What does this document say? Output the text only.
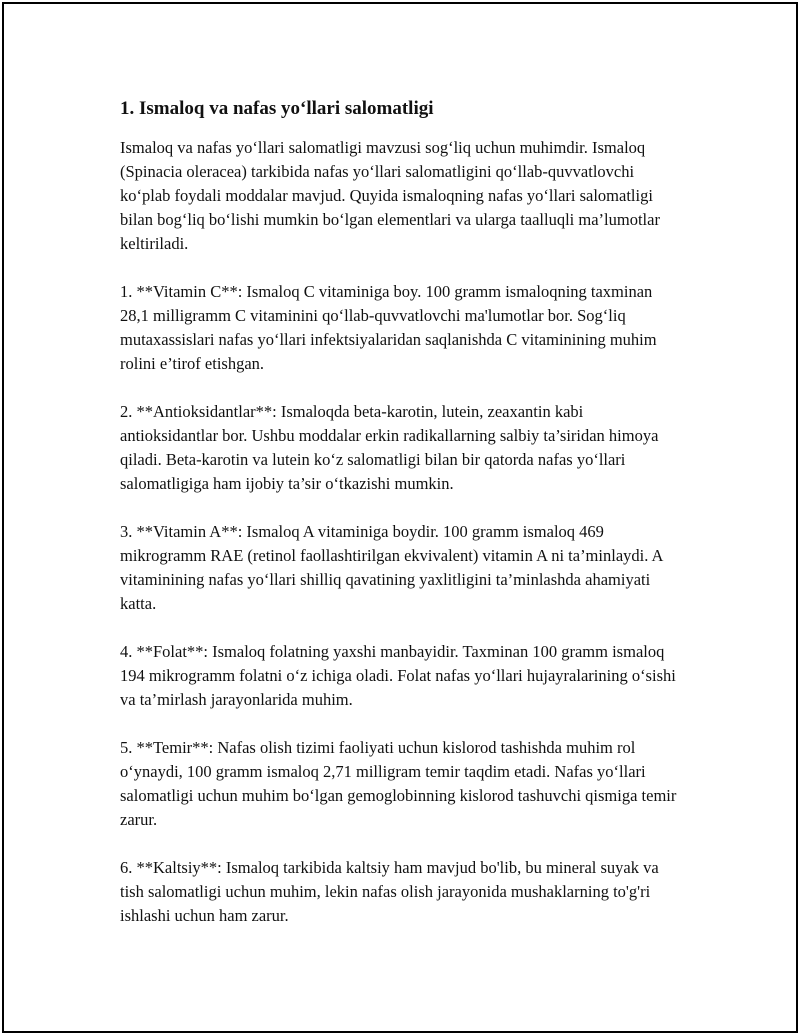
1. Ismaloq va nafas yo‘llari salomatligi

Ismaloq va nafas yo‘llari salomatligi mavzusi sog‘liq uchun muhimdir. Ismaloq (Spinacia oleracea) tarkibida nafas yo‘llari salomatligini qo‘llab-quvvatlovchi ko‘plab foydali moddalar mavjud. Quyida ismaloqning nafas yo‘llari salomatligi bilan bog‘liq bo‘lishi mumkin bo‘lgan elementlari va ularga taalluqli ma’lumotlar keltiriladi.

1. **Vitamin C**: Ismaloq C vitaminiga boy. 100 gramm ismaloqning taxminan 28,1 milligramm C vitaminini qo‘llab-quvvatlovchi ma'lumotlar bor. Sog‘liq mutaxassislari nafas yo‘llari infektsiyalaridan saqlanishda C vitaminining muhim rolini e’tirof etishgan.

2. **Antioksidantlar**: Ismaloqda beta-karotin, lutein, zeaxantin kabi antioksidantlar bor. Ushbu moddalar erkin radikallarning salbiy ta’siridan himoya qiladi. Beta-karotin va lutein ko‘z salomatligi bilan bir qatorda nafas yo‘llari salomatligiga ham ijobiy ta’sir o‘tkazishi mumkin.

3. **Vitamin A**: Ismaloq A vitaminiga boydir. 100 gramm ismaloq 469 mikrogramm RAE (retinol faollashtirilgan ekvivalent) vitamin A ni ta’minlaydi. A vitaminining nafas yo‘llari shilliq qavatining yaxlitligini ta’minlashda ahamiyati katta.

4. **Folat**: Ismaloq folatning yaxshi manbayidir. Taxminan 100 gramm ismaloq 194 mikrogramm folatni o‘z ichiga oladi. Folat nafas yo‘llari hujayralarining o‘sishi va ta’mirlash jarayonlarida muhim.

5. **Temir**: Nafas olish tizimi faoliyati uchun kislorod tashishda muhim rol o‘ynaydi, 100 gramm ismaloq 2,71 milligram temir taqdim etadi. Nafas yo‘llari salomatligi uchun muhim bo‘lgan gemoglobinning kislorod tashuvchi qismiga temir zarur.

6. **Kaltsiy**: Ismaloq tarkibida kaltsiy ham mavjud bo'lib, bu mineral suyak va tish salomatligi uchun muhim, lekin nafas olish jarayonida mushaklarning to'g'ri ishlashi uchun ham zarur.
